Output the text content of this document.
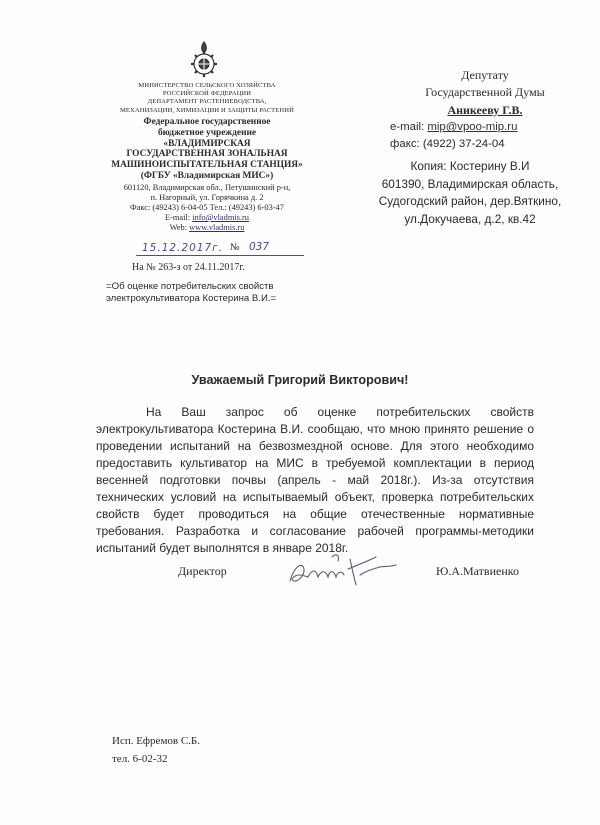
МИНИСТЕРСТВО СЕЛЬСКОГО ХОЗЯЙСТВА
РОССИЙСКОЙ ФЕДЕРАЦИИ
ДЕПАРТАМЕНТ РАСТЕНИЕВОДСТВА,
МЕХАНИЗАЦИИ, ХИМИЗАЦИИ И ЗАЩИТЫ РАСТЕНИЙ
Федеральное государственное
бюджетное учреждение
«ВЛАДИМИРСКАЯ
ГОСУДАРСТВЕННАЯ ЗОНАЛЬНАЯ
МАШИНОИСПЫТАТЕЛЬНАЯ СТАНЦИЯ»
(ФГБУ «Владимирская МИС»)
601120, Владимирская обл., Петушинский р-н,
п. Нагорный, ул. Горячкина д. 2
Факс: (49243) 6-04-05 Тел.: (49243) 6-03-47
E-mail: info@vladmis.ru
Web: www.vladmis.ru
15.12.2017г. № 037
На № 263-з от 24.11.2017г.
=Об оценке потребительских свойств
электрокультиватора Костерина В.И.=
Депутату
Государственной Думы
Аникееву Г.В.
e-mail: mip@vpoo-mip.ru
факс: (4922) 37-24-04
Копия: Костерину В.И
601390, Владимирская область,
Судогодский район, дер.Вяткино,
ул.Докучаева, д.2, кв.42
Уважаемый Григорий Викторович!
На Ваш запрос об оценке потребительских свойств электрокультиватора Костерина В.И. сообщаю, что мною принято решение о проведении испытаний на безвозмездной основе. Для этого необходимо предоставить культиватор на МИС в требуемой комплектации в период весенней подготовки почвы (апрель - май 2018г.). Из-за отсутствия технических условий на испытываемый объект, проверка потребительских свойств будет проводиться на общие отечественные нормативные требования. Разработка и согласование рабочей программы-методики испытаний будет выполнятся в январе 2018г.
Директор	Ю.А.Матвиенко
Исп. Ефремов С.Б.
тел. 6-02-32
